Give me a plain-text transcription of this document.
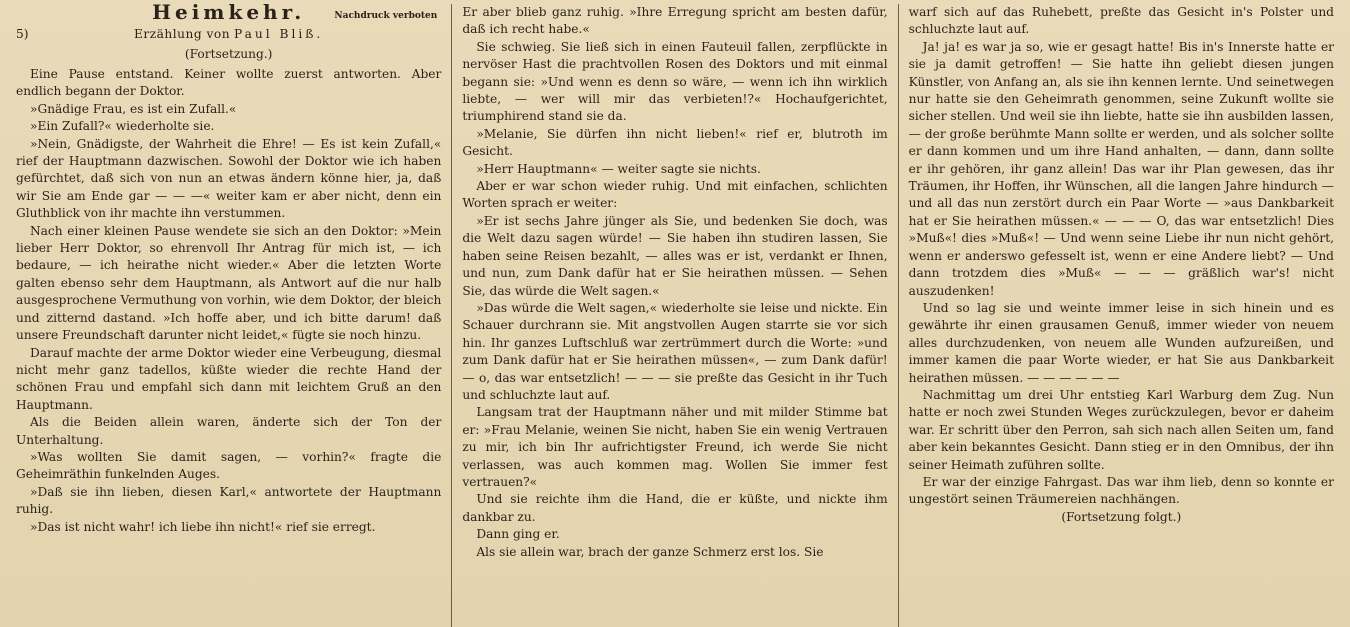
Heimkehr.	Nachdruck verboten
5)	Erzählung von Paul Bliß.
(Fortsetzung.)

Eine Pause entstand. Keiner wollte zuerst antworten. Aber endlich begann der Doktor.

»Gnädige Frau, es ist ein Zufall.«

»Ein Zufall?« wiederholte sie.

»Nein, Gnädigste, der Wahrheit die Ehre! — Es ist kein Zufall,« rief der Hauptmann dazwischen. Sowohl der Doktor wie ich haben gefürchtet, daß sich von nun an etwas ändern könne hier, ja, daß wir Sie am Ende gar — — —« weiter kam er aber nicht, denn ein Gluthblick von ihr machte ihn verstummen.

Nach einer kleinen Pause wendete sie sich an den Doktor: »Mein lieber Herr Doktor, so ehrenvoll Ihr Antrag für mich ist, — ich bedaure, — ich heirathe nicht wieder.« Aber die letzten Worte galten ebenso sehr dem Hauptmann, als Antwort auf die nur halb ausgesprochene Vermuthung von vorhin, wie dem Doktor, der bleich und zitternd dastand. »Ich hoffe aber, und ich bitte darum! daß unsere Freundschaft darunter nicht leidet,« fügte sie noch hinzu.

Darauf machte der arme Doktor wieder eine Verbeugung, diesmal nicht mehr ganz tadellos, küßte wieder die rechte Hand der schönen Frau und empfahl sich dann mit leichtem Gruß an den Hauptmann.

Als die Beiden allein waren, änderte sich der Ton der Unterhaltung.

»Was wollten Sie damit sagen, — vorhin?« fragte die Geheimräthin funkelnden Auges.

»Daß sie ihn lieben, diesen Karl,« antwortete der Hauptmann ruhig.

»Das ist nicht wahr! ich liebe ihn nicht!« rief sie erregt.

Er aber blieb ganz ruhig. »Ihre Erregung spricht am besten dafür, daß ich recht habe.«

Sie schwieg. Sie ließ sich in einen Fauteuil fallen, zerpflückte in nervöser Hast die prachtvollen Rosen des Doktors und mit einmal begann sie: »Und wenn es denn so wäre, — wenn ich ihn wirklich liebte, — wer will mir das verbieten!?« Hochaufgerichtet, triumphirend stand sie da.

»Melanie, Sie dürfen ihn nicht lieben!« rief er, blutroth im Gesicht.

»Herr Hauptmann« — weiter sagte sie nichts.

Aber er war schon wieder ruhig. Und mit einfachen, schlichten Worten sprach er weiter:

»Er ist sechs Jahre jünger als Sie, und bedenken Sie doch, was die Welt dazu sagen würde! — Sie haben ihn studiren lassen, Sie haben seine Reisen bezahlt, — alles was er ist, verdankt er Ihnen, und nun, zum Dank dafür hat er Sie heirathen müssen. — Sehen Sie, das würde die Welt sagen.«

»Das würde die Welt sagen,« wiederholte sie leise und nickte. Ein Schauer durchrann sie. Mit angstvollen Augen starrte sie vor sich hin. Ihr ganzes Luftschluß war zertrümmert durch die Worte: »und zum Dank dafür hat er Sie heirathen müssen«, — zum Dank dafür! — o, das war entsetzlich! — — — sie preßte das Gesicht in ihr Tuch und schluchzte laut auf.

Langsam trat der Hauptmann näher und mit milder Stimme bat er: »Frau Melanie, weinen Sie nicht, haben Sie ein wenig Vertrauen zu mir, ich bin Ihr aufrichtigster Freund, ich werde Sie nicht verlassen, was auch kommen mag. Wollen Sie immer fest vertrauen?«

Und sie reichte ihm die Hand, die er küßte, und nickte ihm dankbar zu.

Dann ging er.

Als sie allein war, brach der ganze Schmerz erst los. Sie

warf sich auf das Ruhebett, preßte das Gesicht in's Polster und schluchzte laut auf.

Ja! ja! es war ja so, wie er gesagt hatte! Bis in's Innerste hatte er sie ja damit getroffen! — Sie hatte ihn geliebt diesen jungen Künstler, von Anfang an, als sie ihn kennen lernte. Und seinetwegen nur hatte sie den Geheimrath genommen, seine Zukunft wollte sie sicher stellen. Und weil sie ihn liebte, hatte sie ihn ausbilden lassen, — der große berühmte Mann sollte er werden, und als solcher sollte er dann kommen und um ihre Hand anhalten, — dann, dann sollte er ihr gehören, ihr ganz allein! Das war ihr Plan gewesen, das ihr Träumen, ihr Hoffen, ihr Wünschen, all die langen Jahre hindurch — und all das nun zerstört durch ein Paar Worte — »aus Dankbarkeit hat er Sie heirathen müssen.« — — — O, das war entsetzlich! Dies »Muß«! dies »Muß«! — Und wenn seine Liebe ihr nun nicht gehört, wenn er anderswo gefesselt ist, wenn er eine Andere liebt? — Und dann trotzdem dies »Muß« — — — gräßlich war's! nicht auszudenken!

Und so lag sie und weinte immer leise in sich hinein und es gewährte ihr einen grausamen Genuß, immer wieder von neuem alles durchzudenken, von neuem alle Wunden aufzureißen, und immer kamen die paar Worte wieder, er hat Sie aus Dankbarkeit heirathen müssen. — — — — — —

Nachmittag um drei Uhr entstieg Karl Warburg dem Zug. Nun hatte er noch zwei Stunden Weges zurückzulegen, bevor er daheim war. Er schritt über den Perron, sah sich nach allen Seiten um, fand aber kein bekanntes Gesicht. Dann stieg er in den Omnibus, der ihn seiner Heimath zuführen sollte.

Er war der einzige Fahrgast. Das war ihm lieb, denn so konnte er ungestört seinen Träumereien nachhängen.

(Fortsetzung folgt.)
